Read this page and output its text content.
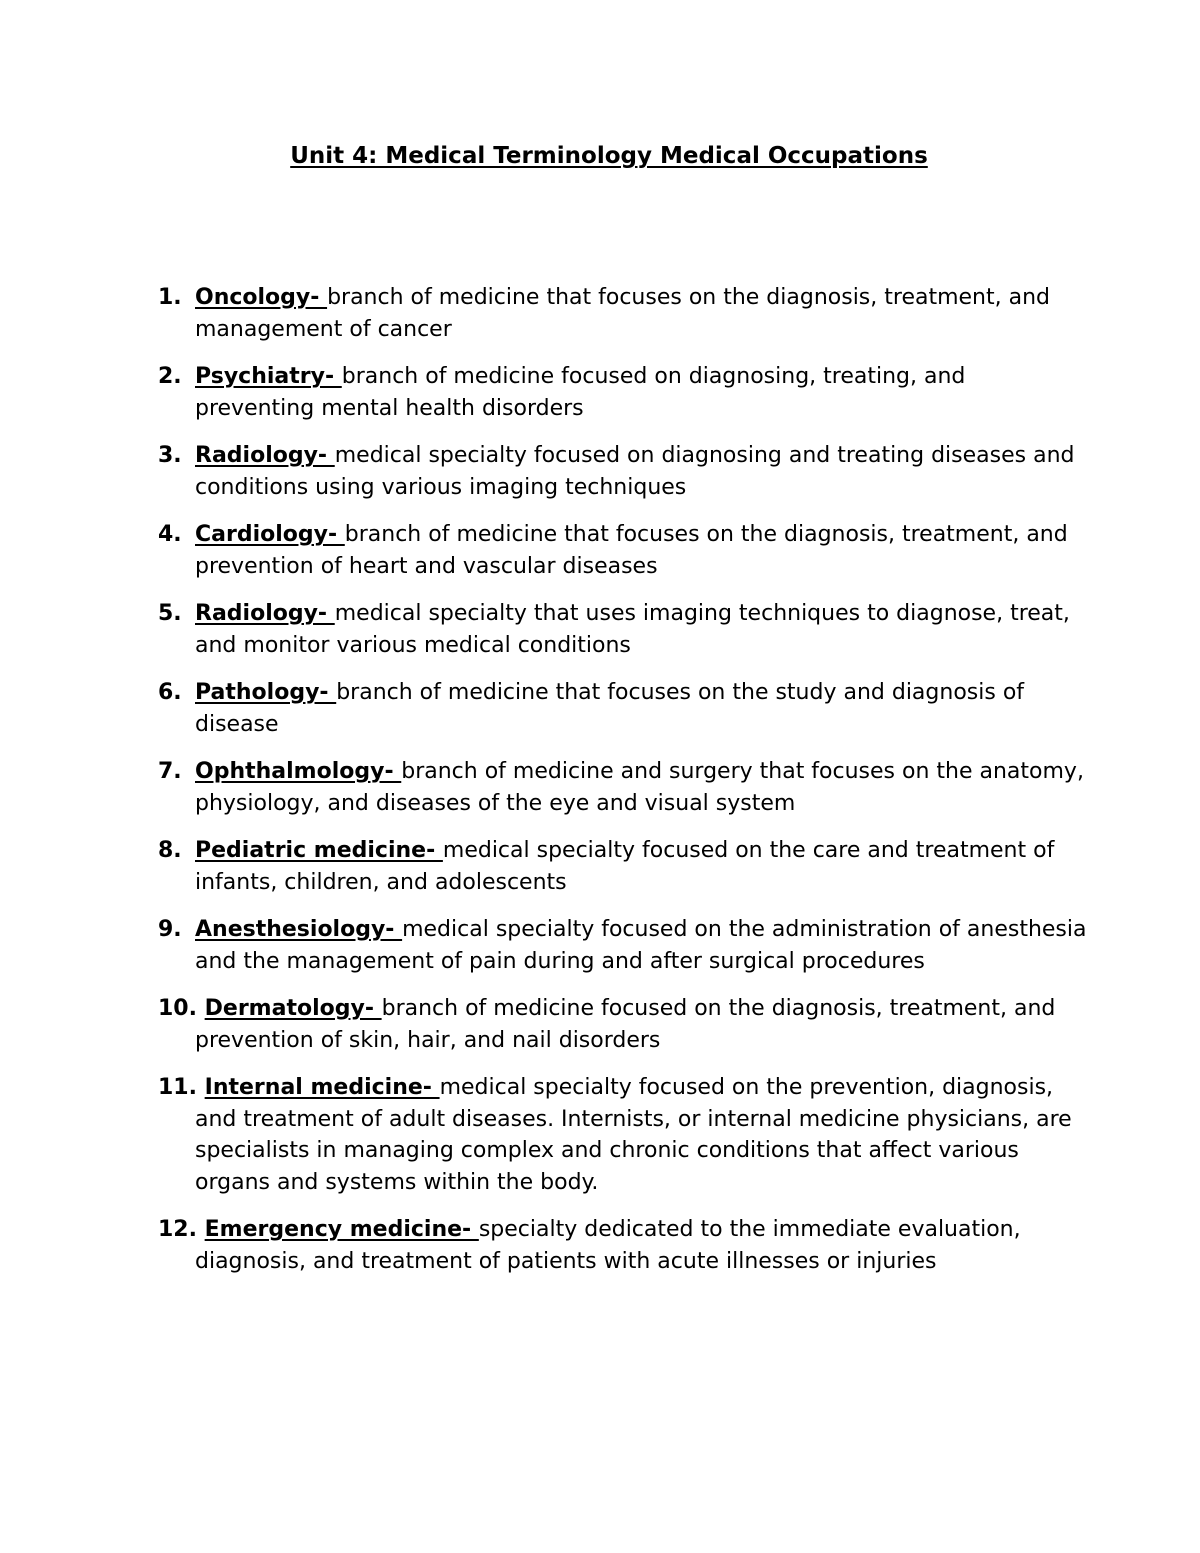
Unit 4: Medical Terminology Medical Occupations
1. Oncology- branch of medicine that focuses on the diagnosis, treatment, and management of cancer
2. Psychiatry- branch of medicine focused on diagnosing, treating, and preventing mental health disorders
3. Radiology- medical specialty focused on diagnosing and treating diseases and conditions using various imaging techniques
4. Cardiology- branch of medicine that focuses on the diagnosis, treatment, and prevention of heart and vascular diseases
5. Radiology- medical specialty that uses imaging techniques to diagnose, treat, and monitor various medical conditions
6. Pathology- branch of medicine that focuses on the study and diagnosis of disease
7. Ophthalmology- branch of medicine and surgery that focuses on the anatomy, physiology, and diseases of the eye and visual system
8. Pediatric medicine- medical specialty focused on the care and treatment of infants, children, and adolescents
9. Anesthesiology- medical specialty focused on the administration of anesthesia and the management of pain during and after surgical procedures
10. Dermatology- branch of medicine focused on the diagnosis, treatment, and prevention of skin, hair, and nail disorders
11. Internal medicine- medical specialty focused on the prevention, diagnosis, and treatment of adult diseases. Internists, or internal medicine physicians, are specialists in managing complex and chronic conditions that affect various organs and systems within the body.
12. Emergency medicine- specialty dedicated to the immediate evaluation, diagnosis, and treatment of patients with acute illnesses or injuries
